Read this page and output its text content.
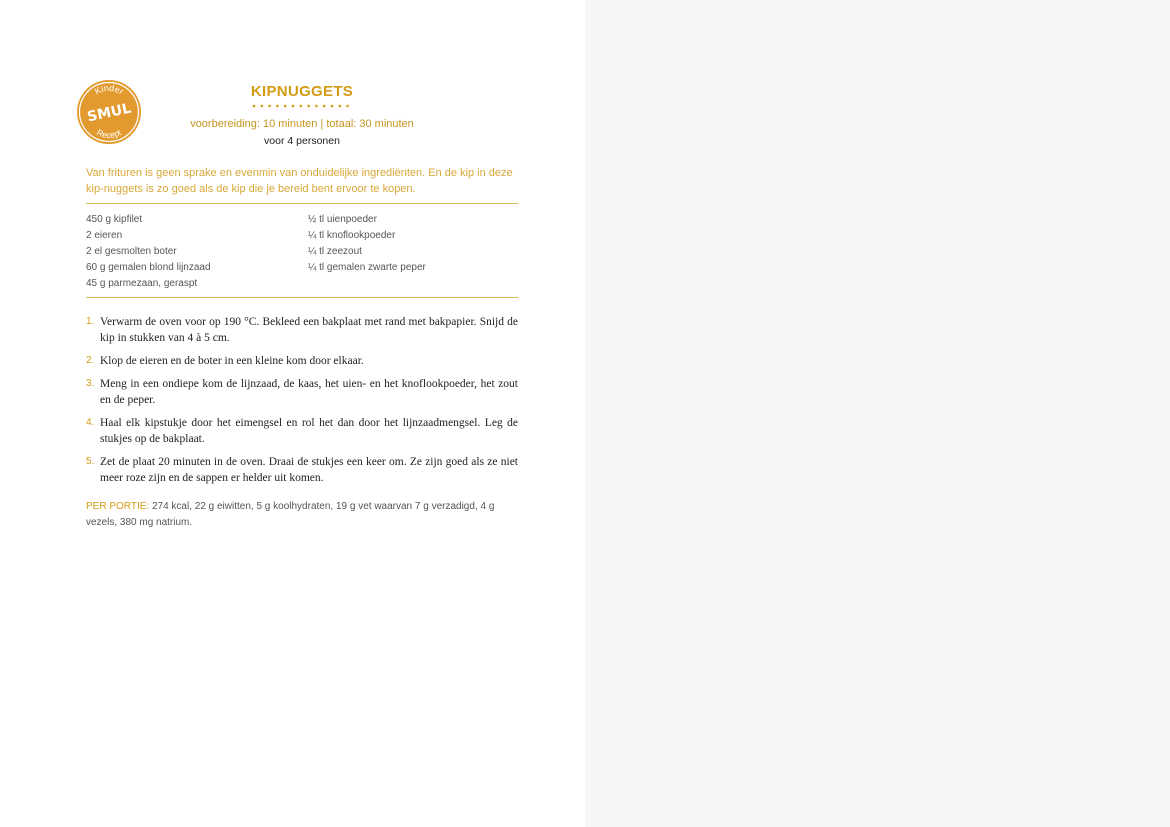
Kinder
SMUL
Recept
KIPNUGGETS
voorbereiding: 10 minuten | totaal: 30 minuten
voor 4 personen
Van frituren is geen sprake en evenmin van onduidelijke ingrediënten. En de kip in deze kip-nuggets is zo goed als de kip die je bereid bent ervoor te kopen.
450 g kipfilet
2 eieren
2 el gesmolten boter
60 g gemalen blond lijnzaad
45 g parmezaan, geraspt
½ tl uienpoeder
¼ tl knoflookpoeder
¼ tl zeezout
¼ tl gemalen zwarte peper
1. Verwarm de oven voor op 190 °C. Bekleed een bakplaat met rand met bakpapier. Snijd de kip in stukken van 4 à 5 cm.
2. Klop de eieren en de boter in een kleine kom door elkaar.
3. Meng in een ondiepe kom de lijnzaad, de kaas, het uien- en het knoflookpoeder, het zout en de peper.
4. Haal elk kipstukje door het eimengsel en rol het dan door het lijnzaadmengsel. Leg de stukjes op de bakplaat.
5. Zet de plaat 20 minuten in de oven. Draai de stukjes een keer om. Ze zijn goed als ze niet meer roze zijn en de sappen er helder uit komen.
PER PORTIE: 274 kcal, 22 g eiwitten, 5 g koolhydraten, 19 g vet waarvan 7 g verzadigd, 4 g vezels, 380 mg natrium.
